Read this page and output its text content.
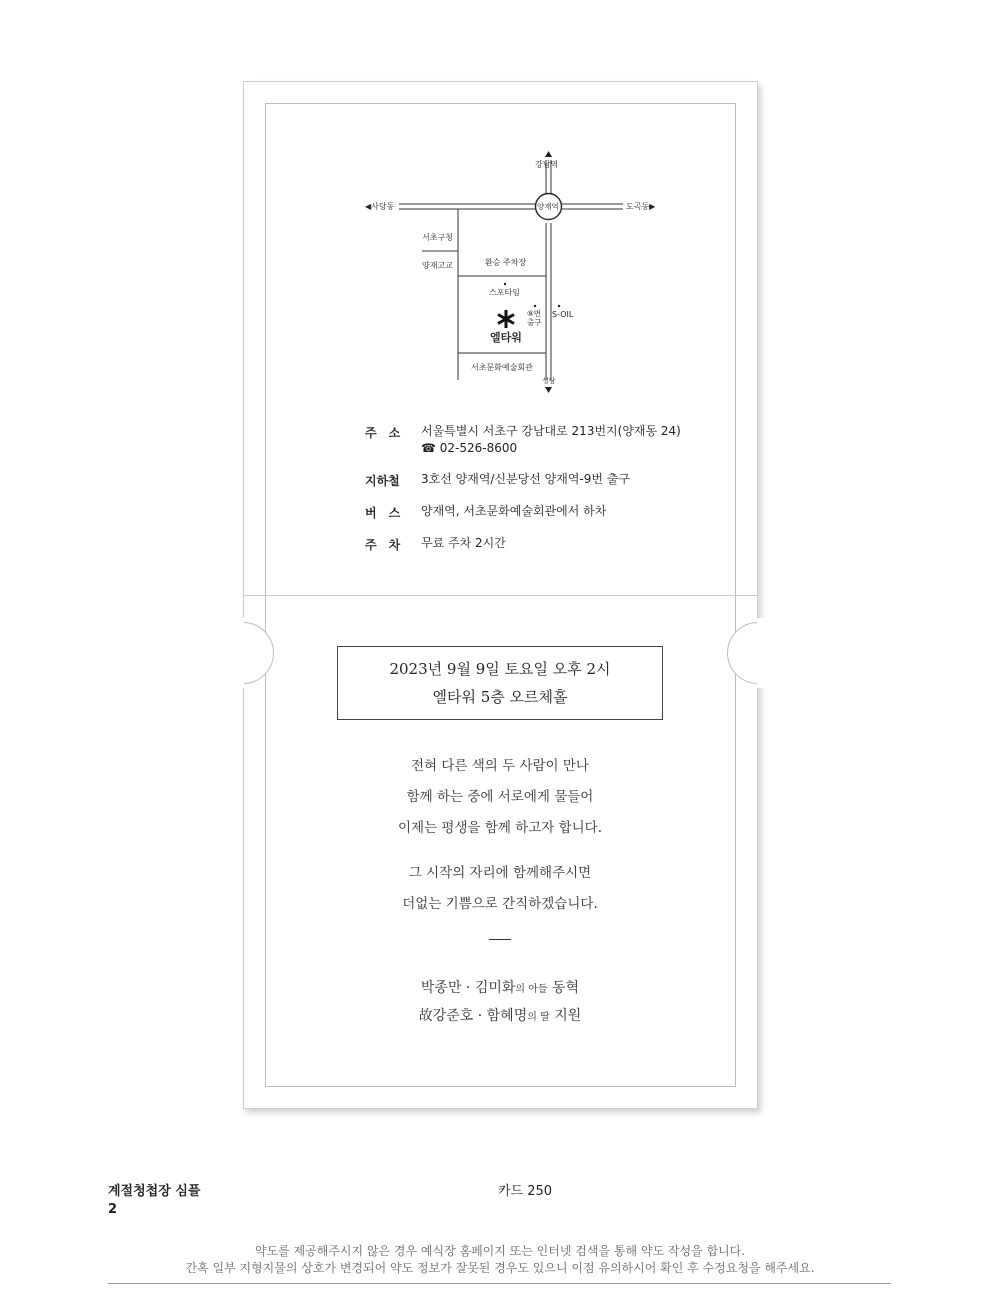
강남역
◀사당동	도곡동▶
양재역
서초구청
양재고교	환승 주차장
스포타임
⑨번
출구
S-OIL
엘타워
서초문화예술회관
성남
주소 서울특별시 서초구 강남대로 213번지(양재동 24)
☎ 02-526-8600
지하철	3호선 양재역/신분당선 양재역-9번 출구
버스 양재역, 서초문화예술회관에서 하차
주차 무료 주차 2시간
2023년 9월 9일 토요일 오후 2시
엘타워 5층 오르체홀
전혀 다른 색의 두 사람이 만나
함께 하는 중에 서로에게 물들어
이제는 평생을 함께 하고자 합니다.
그 시작의 자리에 함께해주시면
더없는 기쁨으로 간직하겠습니다.
박종만 · 김미화의 아들 동혁
故강준호 · 함혜명의 딸 지원
계절청첩장 심플
2
카드 250
약도를 제공해주시지 않은 경우 예식장 홈페이지 또는 인터넷 검색을 통해 약도 작성을 합니다.
간혹 일부 지형지물의 상호가 변경되어 약도 정보가 잘못된 경우도 있으니 이점 유의하시어 확인 후 수정요청을 해주세요.
